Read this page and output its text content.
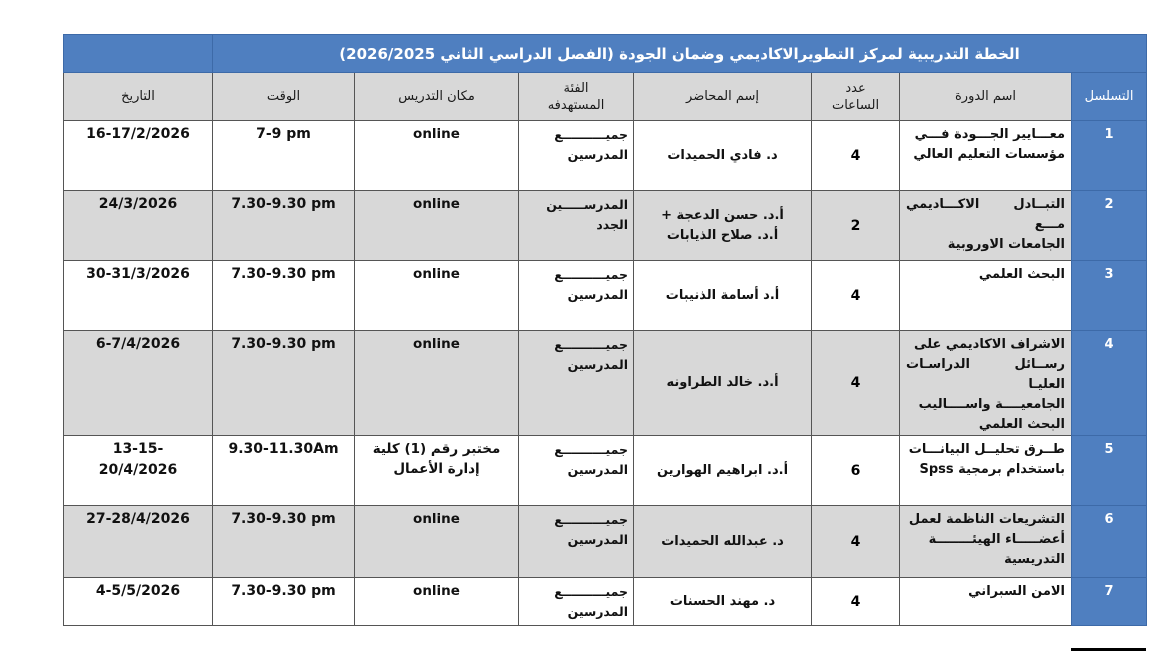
الخطة التدريبية لمركز التطويرالاكاديمي وضمان الجودة (الفصل الدراسي الثاني 2026/2025)							
التسلسل	اسم الدورة	عدد
الساعات	إسم المحاضر	الفئة
المستهدفه	مكان التدريس	الوقت	التاريخ
1	معـــايير الجـــودة فـــي
مؤسسات التعليم العالي	4	د. فادي الحميدات	جميــــــــــع
المدرسين	online	7-9 pm	16-17/2/2026

2	التبــادل الاكـــاديمي مـــع
الجامعات الاوروبية	2	أ.د. حسن الدعجة +
أ.د. صلاح الذيابات	المدرســـــين
الجدد	online	7.30-9.30 pm	24/3/2026

3	البحث العلمي	4	أ.د أسامة الذنيبات	جميــــــــــع
المدرسين	online	7.30-9.30 pm	30-31/3/2026

4	الاشراف الاكاديمي على
رســائل الدراسـات العليـا
الجامعيــــة واســــاليب
البحث العلمي	4	أ.د. خالد الطراونه	جميــــــــــع
المدرسين	online	7.30-9.30 pm	6-7/4/2026

5	طــرق تحليــل البيانـــات
باستخدام برمجية Spss	6	أ.د. ابراهيم الهوارين	جميــــــــــع
المدرسين	مختبر رقم (1) كلية
إدارة الأعمال	9.30-11.30Am	13-15-
20/4/2026

6	التشريعات الناظمة لعمل
أعضـــــاء الهيئــــــــة
التدريسية	4	د. عبدالله الحميدات	جميــــــــــع
المدرسين	online	7.30-9.30 pm	27-28/4/2026

7	الامن السبراني	4	د. مهند الحسنات	جميــــــــــع
المدرسين	online	7.30-9.30 pm	4-5/5/2026
